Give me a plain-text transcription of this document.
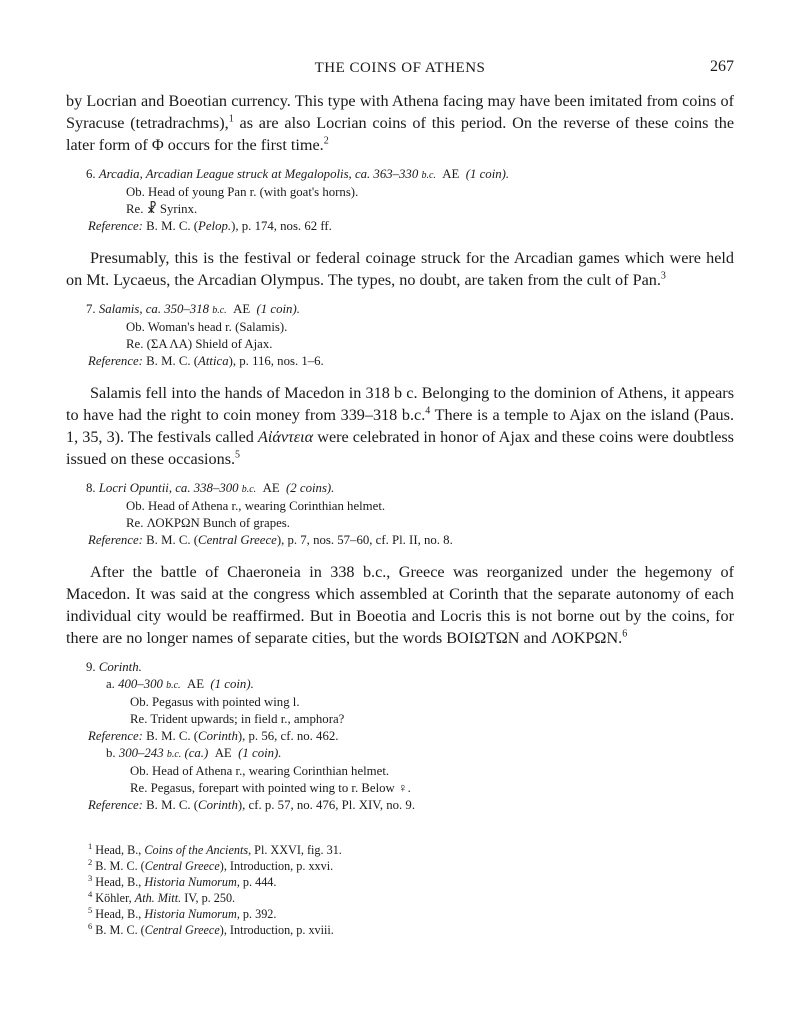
THE COINS OF ATHENS	267

by Locrian and Boeotian currency. This type with Athena facing may have been imitated from coins of Syracuse (tetradrachms),$^1$ as are also Locrian coins of this period. On the reverse of these coins the later form of Φ occurs for the first time.$^2$

6. Arcadia, Arcadian League struck at Megalopolis, ca. 363–330 b.c. AE (1 coin).
Ob. Head of young Pan r. (with goat's horns).
Re. ☧ Syrinx.
Reference: B. M. C. (Pelop.), p. 174, nos. 62 ff.

Presumably, this is the festival or federal coinage struck for the Arcadian games which were held on Mt. Lycaeus, the Arcadian Olympus. The types, no doubt, are taken from the cult of Pan.$^3$

7. Salamis, ca. 350–318 b.c. AE (1 coin).
Ob. Woman's head r. (Salamis).
Re. (ΣΑ ΛΑ) Shield of Ajax.
Reference: B. M. C. (Attica), p. 116, nos. 1–6.

Salamis fell into the hands of Macedon in 318 b c. Belonging to the dominion of Athens, it appears to have had the right to coin money from 339–318 b.c.$^4$ There is a temple to Ajax on the island (Paus. 1, 35, 3). The festivals called Αἰάντεια were celebrated in honor of Ajax and these coins were doubtless issued on these occasions.$^5$

8. Locri Opuntii, ca. 338–300 b.c. AE (2 coins).
Ob. Head of Athena r., wearing Corinthian helmet.
Re. ΛΟΚΡΩΝ Bunch of grapes.
Reference: B. M. C. (Central Greece), p. 7, nos. 57–60, cf. Pl. II, no. 8.

After the battle of Chaeroneia in 338 b.c., Greece was reorganized under the hegemony of Macedon. It was said at the congress which assembled at Corinth that the separate autonomy of each individual city would be reaffirmed. But in Boeotia and Locris this is not borne out by the coins, for there are no longer names of separate cities, but the words ΒΟΙΩΤΩΝ and ΛΟΚΡΩΝ.$^6$

9. Corinth.
a. 400–300 b.c. AE (1 coin).
Ob. Pegasus with pointed wing l.
Re. Trident upwards; in field r., amphora?
Reference: B. M. C. (Corinth), p. 56, cf. no. 462.
b. 300–243 b.c. (ca.) AE (1 coin).
Ob. Head of Athena r., wearing Corinthian helmet.
Re. Pegasus, forepart with pointed wing to r. Below ♀.
Reference: B. M. C. (Corinth), cf. p. 57, no. 476, Pl. XIV, no. 9.
$^1$ Head, B., Coins of the Ancients, Pl. XXVI, fig. 31.
$^2$ B. M. C. (Central Greece), Introduction, p. xxvi.
$^3$ Head, B., Historia Numorum, p. 444.
$^4$ Köhler, Ath. Mitt. IV, p. 250.
$^5$ Head, B., Historia Numorum, p. 392.
$^6$ B. M. C. (Central Greece), Introduction, p. xviii.
